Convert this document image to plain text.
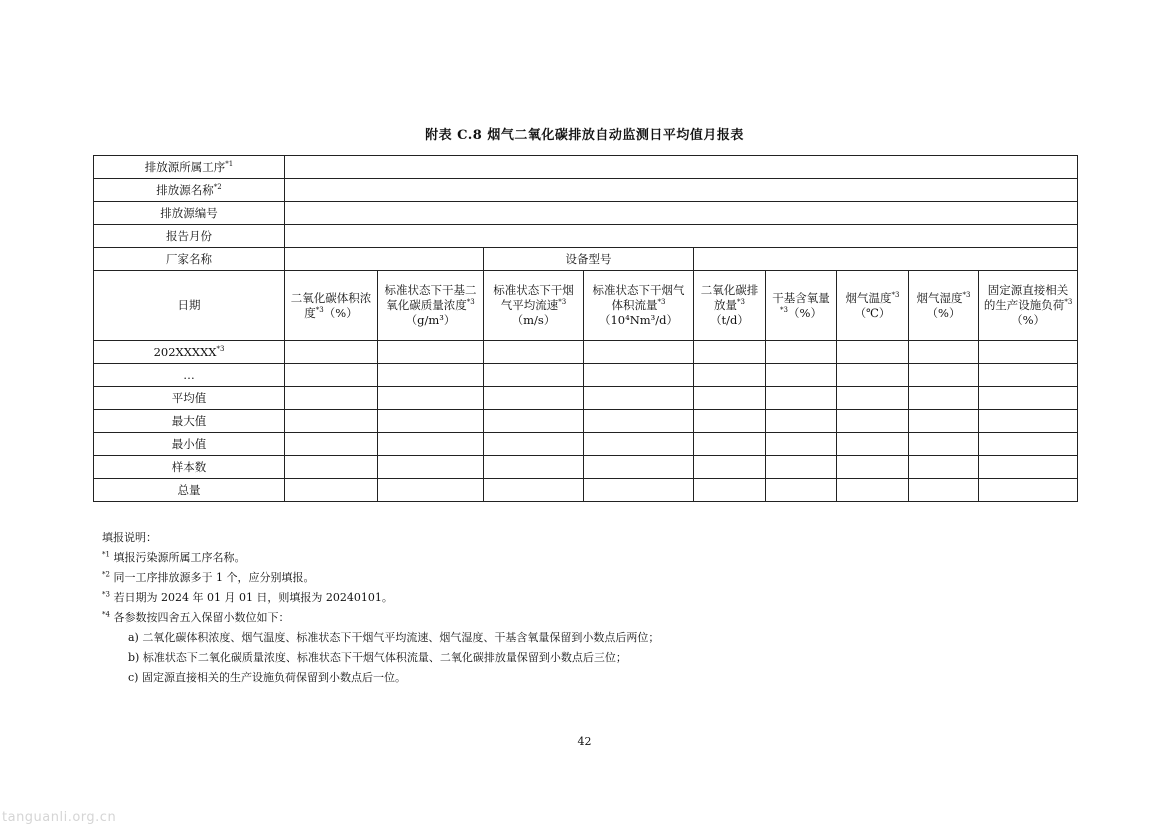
附表 C.8 烟气二氧化碳排放自动监测日平均值月报表
排放源所属工序$^{*1}$	
排放源名称$^{*2}$	
排放源编号									
报告月份									
厂家名称			设备型号						
日期	二氧化碳体积浓度$^{*3}$（%）	标准状态下干基二氧化碳质量浓度$^{*3}$（g/m³）	标准状态下干烟气平均流速$^{*3}$（m/s）	标准状态下干烟气体积流量$^{*3}$（10⁴Nm³/d）	二氧化碳排放量$^{*3}$（t/d）	干基含氧量$^{*3}$（%）	烟气温度$^{*3}$（℃）	烟气湿度$^{*3}$（%）	固定源直接相关的生产设施负荷$^{*3}$（%）
202XXXXX$^{*3}$									
…									
平均值									
最大值									
最小值									
样本数									
总量									
填报说明：
$^{*1}$ 填报污染源所属工序名称。
$^{*2}$ 同一工序排放源多于 1 个，应分别填报。
$^{*3}$ 若日期为 2024 年 01 月 01 日，则填报为 20240101。
$^{*4}$ 各参数按四舍五入保留小数位如下：
a) 二氧化碳体积浓度、烟气温度、标准状态下干烟气平均流速、烟气湿度、干基含氧量保留到小数点后两位；
b) 标准状态下二氧化碳质量浓度、标准状态下干烟气体积流量、二氧化碳排放量保留到小数点后三位；
c) 固定源直接相关的生产设施负荷保留到小数点后一位。
42
tanguanli.org.cn
